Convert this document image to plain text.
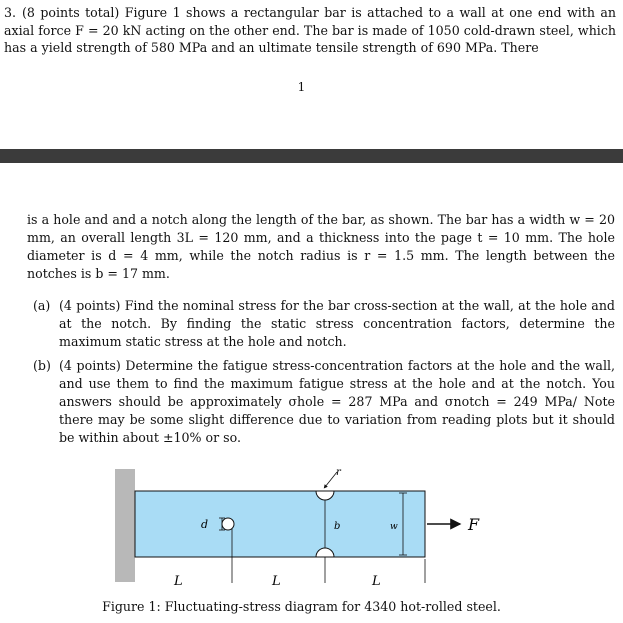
3. (8 points total) Figure 1 shows a rectangular bar is attached to a wall at one end with an axial force F = 20 kN acting on the other end. The bar is made of 1050 cold-drawn steel, which has a yield strength of 580 MPa and an ultimate tensile strength of 690 MPa. There
1
is a hole and and a notch along the length of the bar, as shown. The bar has a width w = 20 mm, an overall length 3L = 120 mm, and a thickness into the page t = 10 mm. The hole diameter is d = 4 mm, while the notch radius is r = 1.5 mm. The length between the notches is b = 17 mm.
(a) (4 points) Find the nominal stress for the bar cross-section at the wall, at the hole and at the notch. By finding the static stress concentration factors, determine the maximum static stress at the hole and notch.
(b) (4 points) Determine the fatigue stress-concentration factors at the hole and the wall, and use them to find the maximum fatigue stress at the hole and at the notch. You answers should be approximately σhole = 287 MPa and σnotch = 249 MPa/ Note there may be some slight difference due to variation from reading plots but it should be within about ±10% or so.
d
r
b	w	F
L	L	L
Figure 1: Fluctuating-stress diagram for 4340 hot-rolled steel.
